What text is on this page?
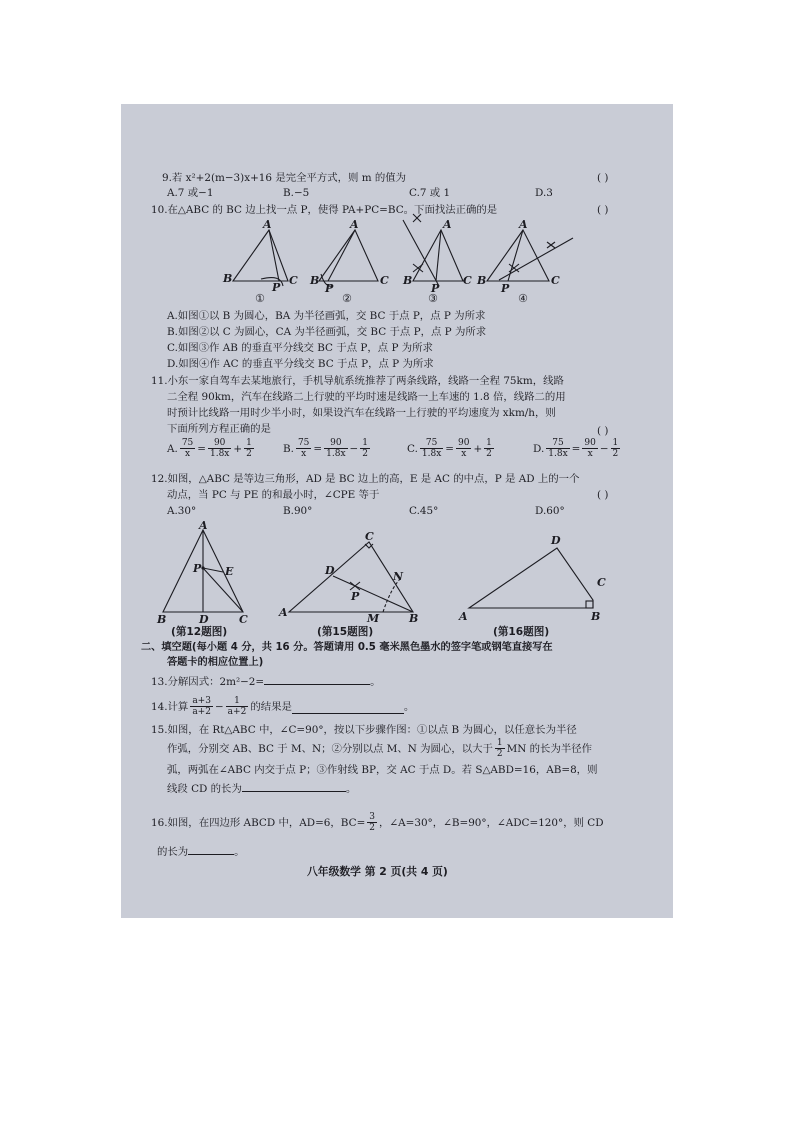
9.若 x²+2(m−3)x+16 是完全平方式，则 m 的值为	( )
A.7 或−1	B.−5	C.7 或 1	D.3
10.在△ABC 的 BC 边上找一点 P，使得 PA+PC=BC。下面找法正确的是	( )
A
B	C
P
①
A
B	C
P
②
A
B	C
P
③
A
B	C
P
④
A.如图①以 B 为圆心，BA 为半径画弧，交 BC 于点 P，点 P 为所求
B.如图②以 C 为圆心，CA 为半径画弧，交 BC 于点 P，点 P 为所求
C.如图③作 AB 的垂直平分线交 BC 于点 P，点 P 为所求
D.如图④作 AC 的垂直平分线交 BC 于点 P，点 P 为所求
11.小东一家自驾车去某地旅行，手机导航系统推荐了两条线路，线路一全程 75km，线路
二全程 90km，汽车在线路二上行驶的平均时速是线路一上车速的 1.8 倍，线路二的用
时预计比线路一用时少半小时，如果设汽车在线路一上行驶的平均速度为 xkm/h，则
下面所列方程正确的是	( )
A. $\frac{75}{x} = \frac{90}{1.8x} + \frac{1}{2}$	B. $\frac{75}{x} = \frac{90}{1.8x} - \frac{1}{2}$	C. $\frac{75}{1.8x} = \frac{90}{x} + \frac{1}{2}$	D. $\frac{75}{1.8x} = \frac{90}{x} - \frac{1}{2}$
12.如图，△ABC 是等边三角形，AD 是 BC 边上的高，E 是 AC 的中点，P 是 AD 上的一个
动点，当 PC 与 PE 的和最小时，∠CPE 等于	( )
A.30°	B.90°	C.45°	D.60°
A
B	D	C
P E
C
D	N
P
A	M	B
D
C
A	B
(第12题图)	(第15题图)	(第16题图)
二、填空题(每小题 4 分，共 16 分。答题请用 0.5 毫米黑色墨水的签字笔或钢笔直接写在
答题卡的相应位置上)
13.分解因式：2m²−2=	。
14.计算 $\frac{a+3}{a+2} - \frac{1}{a+2}$ 的结果是	。
15.如图，在 Rt△ABC 中，∠C=90°，按以下步骤作图：①以点 B 为圆心，以任意长为半径
作弧，分别交 AB、BC 于 M、N；②分别以点 M、N 为圆心，以大于 $\frac{1}{2}$ MN 的长为半径作
弧，两弧在∠ABC 内交于点 P；③作射线 BP，交 AC 于点 D。若 S△ABD=16，AB=8，则
线段 CD 的长为	。
16.如图，在四边形 ABCD 中，AD=6，$BC= \frac{3}{2}$ ，∠A=30°，∠B=90°，∠ADC=120°，则 CD
的长为	。
八年级数学 第 2 页(共 4 页)
